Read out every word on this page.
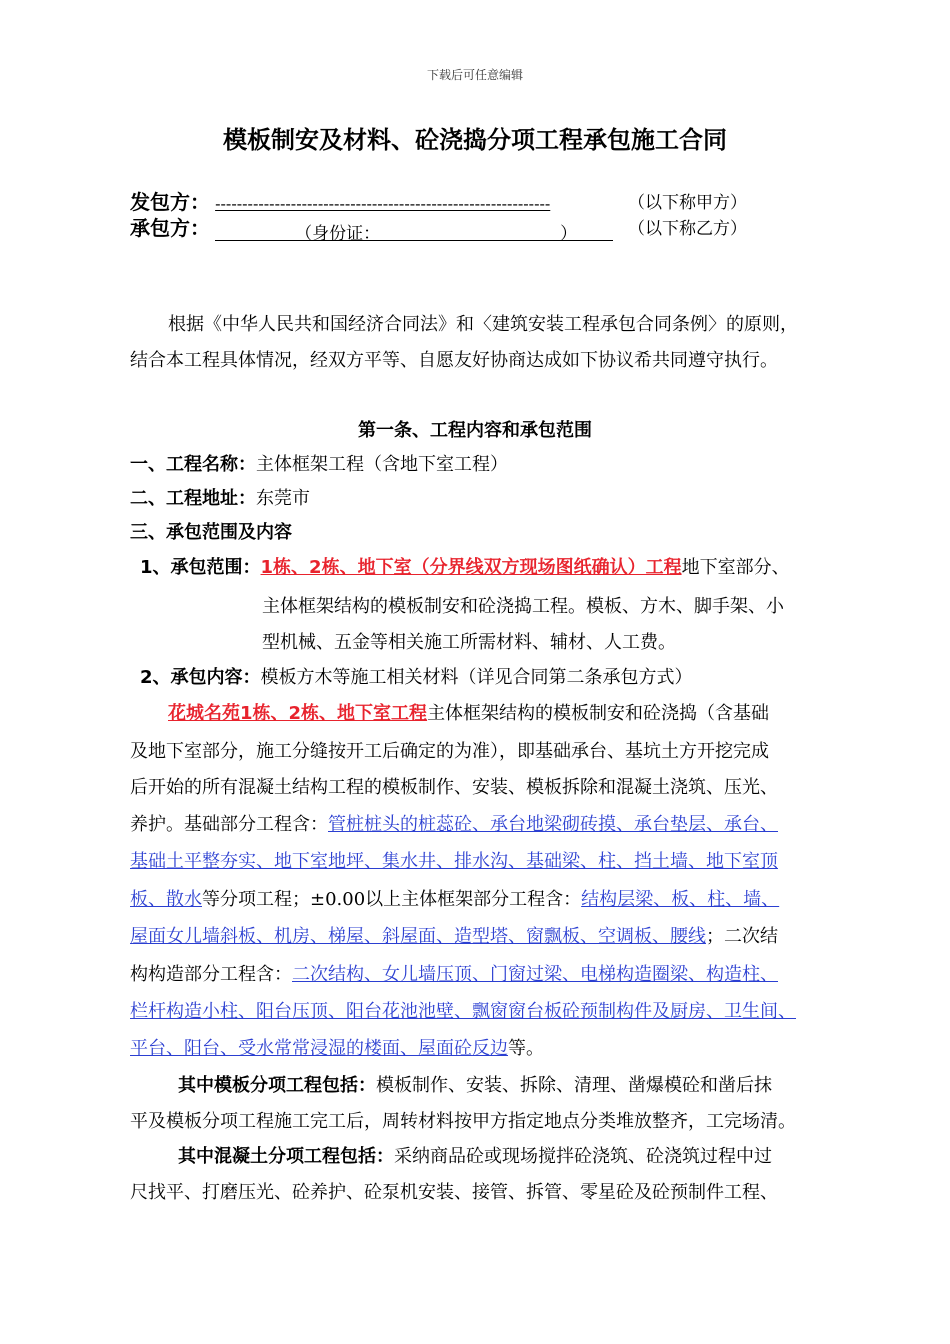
下载后可任意编辑
模板制安及材料、砼浇捣分项工程承包施工合同
发包方： --------------------------------------------------------------	（以下称甲方）
承包方：	（身份证：	）	（以下称乙方）
根据《中华人民共和国经济合同法》和〈建筑安装工程承包合同条例〉的原则，
结合本工程具体情况，经双方平等、自愿友好协商达成如下协议希共同遵守执行。
第一条、工程内容和承包范围
一、工程名称：主体框架工程（含地下室工程）
二、工程地址：东莞市
三、承包范围及内容
1、承包范围：1栋、2栋、地下室（分界线双方现场图纸确认）工程地下室部分、
主体框架结构的模板制安和砼浇捣工程。模板、方木、脚手架、小
型机械、五金等相关施工所需材料、辅材、人工费。
2、承包内容：模板方木等施工相关材料（详见合同第二条承包方式）
花城名苑1栋、2栋、地下室工程主体框架结构的模板制安和砼浇捣（含基础
及地下室部分，施工分缝按开工后确定的为准），即基础承台、基坑土方开挖完成
后开始的所有混凝土结构工程的模板制作、安装、模板拆除和混凝土浇筑、压光、
养护。基础部分工程含：管桩桩头的桩蕊砼、承台地梁砌砖摸、承台垫层、承台、
基础土平整夯实、地下室地坪、集水井、排水沟、基础梁、柱、挡土墙、地下室顶
板、散水等分项工程；±0.00以上主体框架部分工程含：结构层梁、板、柱、墙、
屋面女儿墙斜板、机房、梯屋、斜屋面、造型塔、窗飘板、空调板、腰线；二次结
构构造部分工程含：二次结构、女儿墙压顶、门窗过梁、电梯构造圈梁、构造柱、
栏杆构造小柱、阳台压顶、阳台花池池壁、飘窗窗台板砼预制构件及厨房、卫生间、
平台、阳台、受水常常浸湿的楼面、屋面砼反边等。
其中模板分项工程包括：模板制作、安装、拆除、清理、凿爆模砼和凿后抹
平及模板分项工程施工完工后，周转材料按甲方指定地点分类堆放整齐，工完场清。
其中混凝土分项工程包括：采纳商品砼或现场搅拌砼浇筑、砼浇筑过程中过
尺找平、打磨压光、砼养护、砼泵机安装、接管、拆管、零星砼及砼预制件工程、
